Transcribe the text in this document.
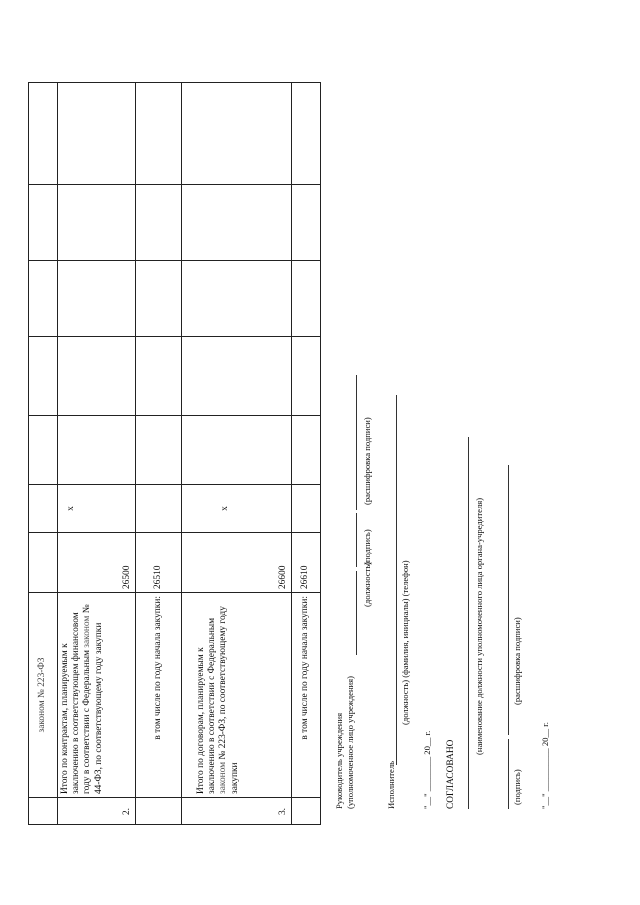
законом № 223-ФЗ
2.
Итого по контрактам, планируемым к заключению в соответствующем финансовом году в соответствии с Федеральным законом № 44-ФЗ, по соответствующему году закупки
26500
x
в том числе по году начала закупки:
26510
3.
Итого по договорам, планируемым к заключению в соответствии с Федеральным законом № 223-ФЗ, по соответствующему году закупки
26600
x
в том числе по году начала закупки:
26610
Руководитель учреждения (уполномоченное лицо учреждения)
(должность)
(подпись)
(расшифровка подписи)
Исполнитель
(должность) (фамилия, инициалы) (телефон)
"__" ________ 20__ г. СОГЛАСОВАНО
(наименование должности уполномоченного лица органа-учредителя)
(подпись)
(расшифровка подписи)
"__" __________ 20__ г.
